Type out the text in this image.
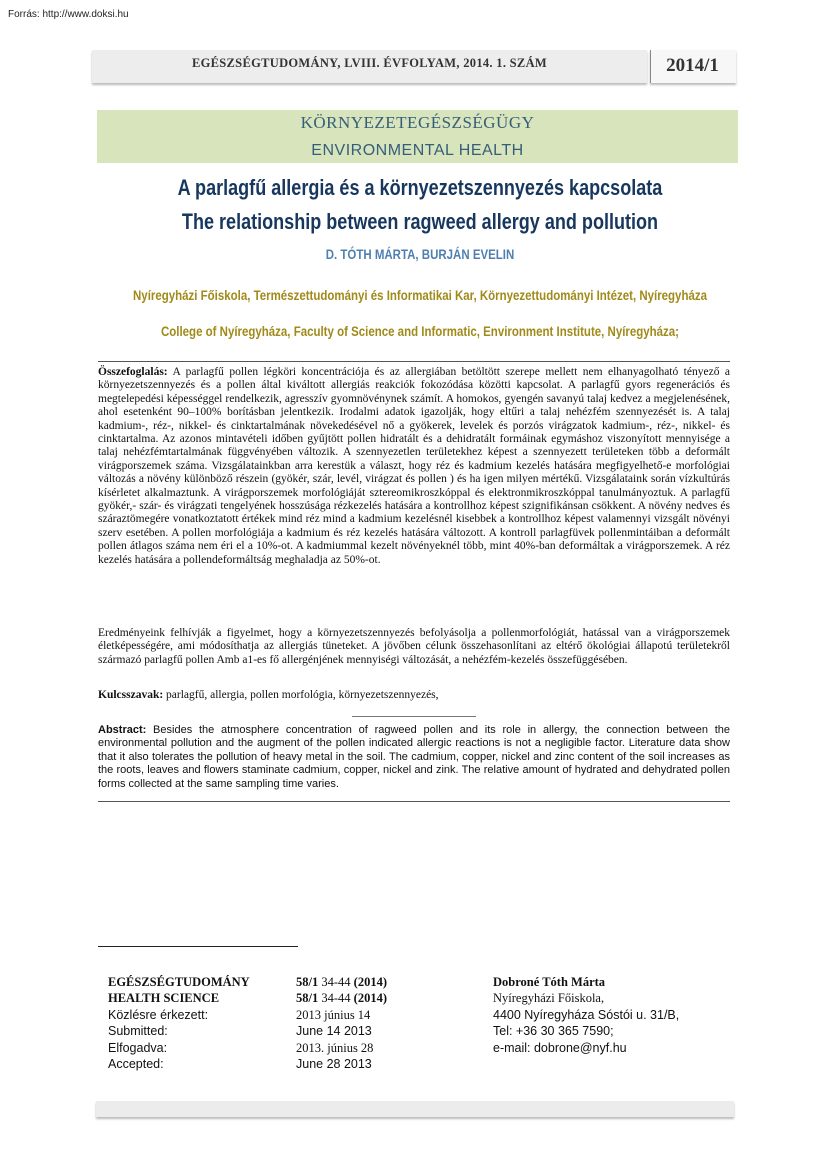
Forrás: http://www.doksi.hu
EGÉSZSÉGTUDOMÁNY, LVIII. ÉVFOLYAM, 2014. 1. SZÁM	2014/1
KÖRNYEZETEGÉSZSÉGÜGY
ENVIRONMENTAL HEALTH
A parlagfű allergia és a környezetszennyezés kapcsolata
The relationship between ragweed allergy and pollution
D. TÓTH MÁRTA, BURJÁN EVELIN
Nyíregyházi Főiskola, Természettudományi és Informatikai Kar, Környezettudományi Intézet, Nyíregyháza
College of Nyíregyháza, Faculty of Science and Informatic, Environment Institute, Nyíregyháza;
Összefoglalás: A parlagfű pollen légköri koncentrációja és az allergiában betöltött szerepe mellett nem elhanyagolható tényező a környezetszennyezés és a pollen által kiváltott allergiás reakciók fokozódása közötti kapcsolat. A parlagfű gyors regenerációs és megtelepedési képességgel rendelkezik, agresszív gyomnövénynek számít. A homokos, gyengén savanyú talaj kedvez a megjelenésének, ahol esetenként 90–100% borításban jelentkezik. Irodalmi adatok igazolják, hogy eltűri a talaj nehézfém szennyezését is. A talaj kadmium-, réz-, nikkel- és cinktartalmának növekedésével nő a gyökerek, levelek és porzós virágzatok kadmium-, réz-, nikkel- és cinktartalma. Az azonos mintavételi időben gyűjtött pollen hidratált és a dehidratált formáinak egymáshoz viszonyított mennyisége a talaj nehézfémtartalmának függvényében változik. A szennyezetlen területekhez képest a szennyezett területeken több a deformált virágporszemek száma. Vizsgálatainkban arra kerestük a választ, hogy réz és kadmium kezelés hatására megfigyelhető-e morfológiai változás a növény különböző részein (gyökér, szár, levél, virágzat és pollen ) és ha igen milyen mértékű. Vizsgálataink során vízkultúrás kísérletet alkalmaztunk. A virágporszemek morfológiáját sztereomikroszkóppal és elektronmikroszkóppal tanulmányoztuk. A parlagfű gyökér,- szár- és virágzati tengelyének hosszúsága rézkezelés hatására a kontrollhoz képest szignifikánsan csökkent. A növény nedves és száraztömegére vonatkoztatott értékek mind réz mind a kadmium kezelésnél kisebbek a kontrollhoz képest valamennyi vizsgált növényi szerv esetében. A pollen morfológiája a kadmium és réz kezelés hatására változott. A kontroll parlagfüvek pollenmintáiban a deformált pollen átlagos száma nem éri el a 10%-ot. A kadmiummal kezelt növényeknél több, mint 40%-ban deformáltak a virágporszemek. A réz kezelés hatására a pollendeformáltság meghaladja az 50%-ot.
Eredményeink felhívják a figyelmet, hogy a környezetszennyezés befolyásolja a pollenmorfológiát, hatással van a virágporszemek életképességére, ami módosíthatja az allergiás tüneteket. A jövőben célunk összehasonlítani az eltérő ökológiai állapotú területekről származó parlagfű pollen Amb a1-es fő allergénjének mennyiségi változását, a nehézfém-kezelés összefüggésében.
Kulcsszavak: parlagfű, allergia, pollen morfológia, környezetszennyezés,
Abstract: Besides the atmosphere concentration of ragweed pollen and its role in allergy, the connection between the environmental pollution and the augment of the pollen indicated allergic reactions is not a negligible factor. Literature data show that it also tolerates the pollution of heavy metal in the soil. The cadmium, copper, nickel and zinc content of the soil increases as the roots, leaves and flowers staminate cadmium, copper, nickel and zink. The relative amount of hydrated and dehydrated pollen forms collected at the same sampling time varies.
EGÉSZSÉGTUDOMÁNY
HEALTH SCIENCE
Közlésre érkezett:
Submitted:
Elfogadva:
Accepted:
58/1 34-44 (2014)
58/1 34-44 (2014)
2013 június 14
June 14 2013
2013. június 28
June 28 2013
Dobroné Tóth Márta
Nyíregyházi Főiskola,
4400 Nyíregyháza Sóstói u. 31/B,
Tel: +36 30 365 7590;
e-mail: dobrone@nyf.hu
